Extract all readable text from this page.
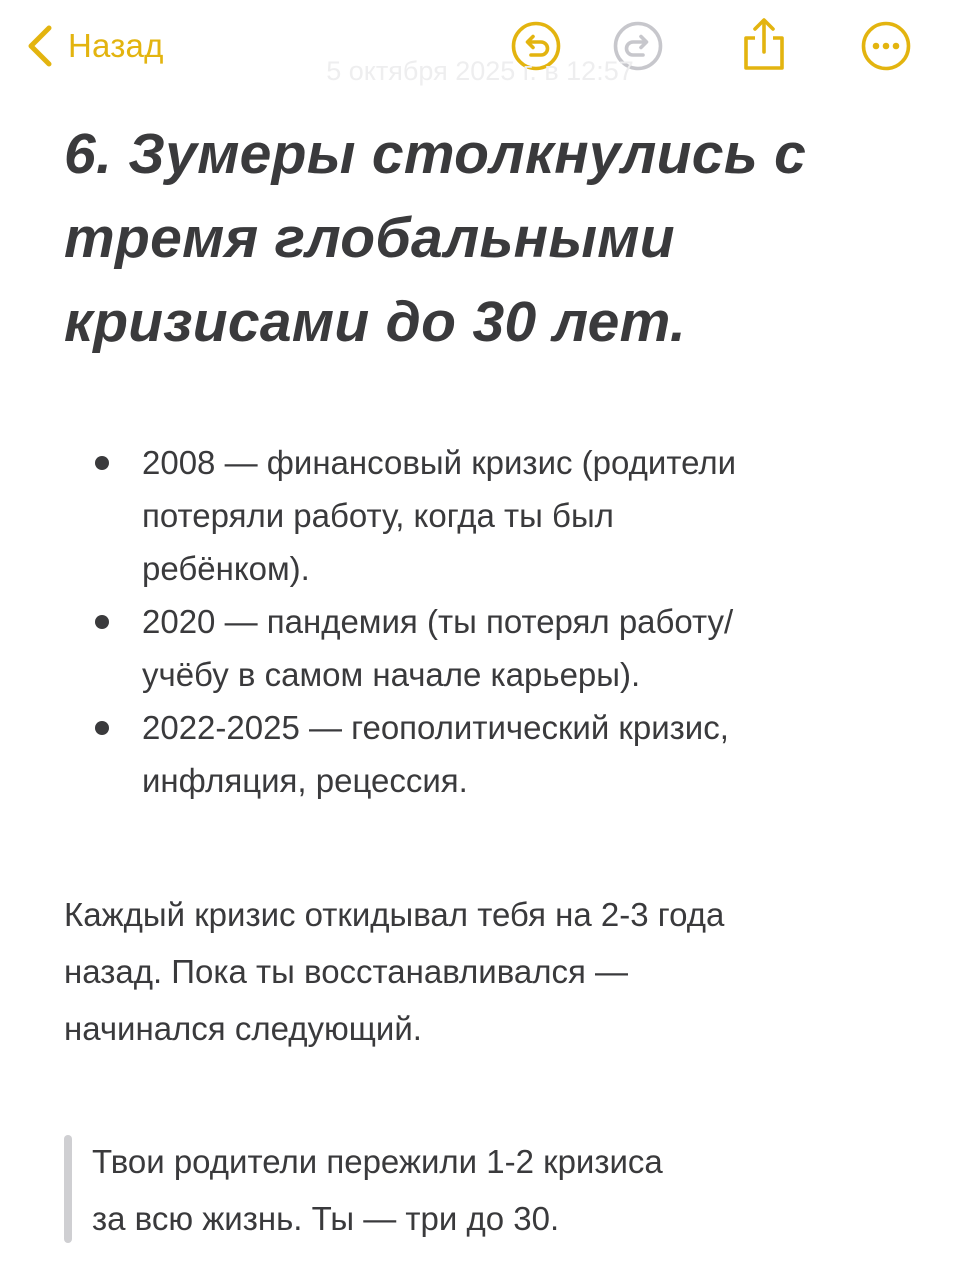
Назад
5 октября 2025 г. в 12:57
6. Зумеры столкнулись с
тремя глобальными
кризисами до 30 лет.
2008 — финансовый кризис (родители
потеряли работу, когда ты был
ребёнком).
2020 — пандемия (ты потерял работу/
учёбу в самом начале карьеры).
2022-2025 — геополитический кризис,
инфляция, рецессия.

Каждый кризис откидывал тебя на 2-3 года
назад. Пока ты восстанавливался —
начинался следующий.

Твои родители пережили 1-2 кризиса
за всю жизнь. Ты — три до 30.
